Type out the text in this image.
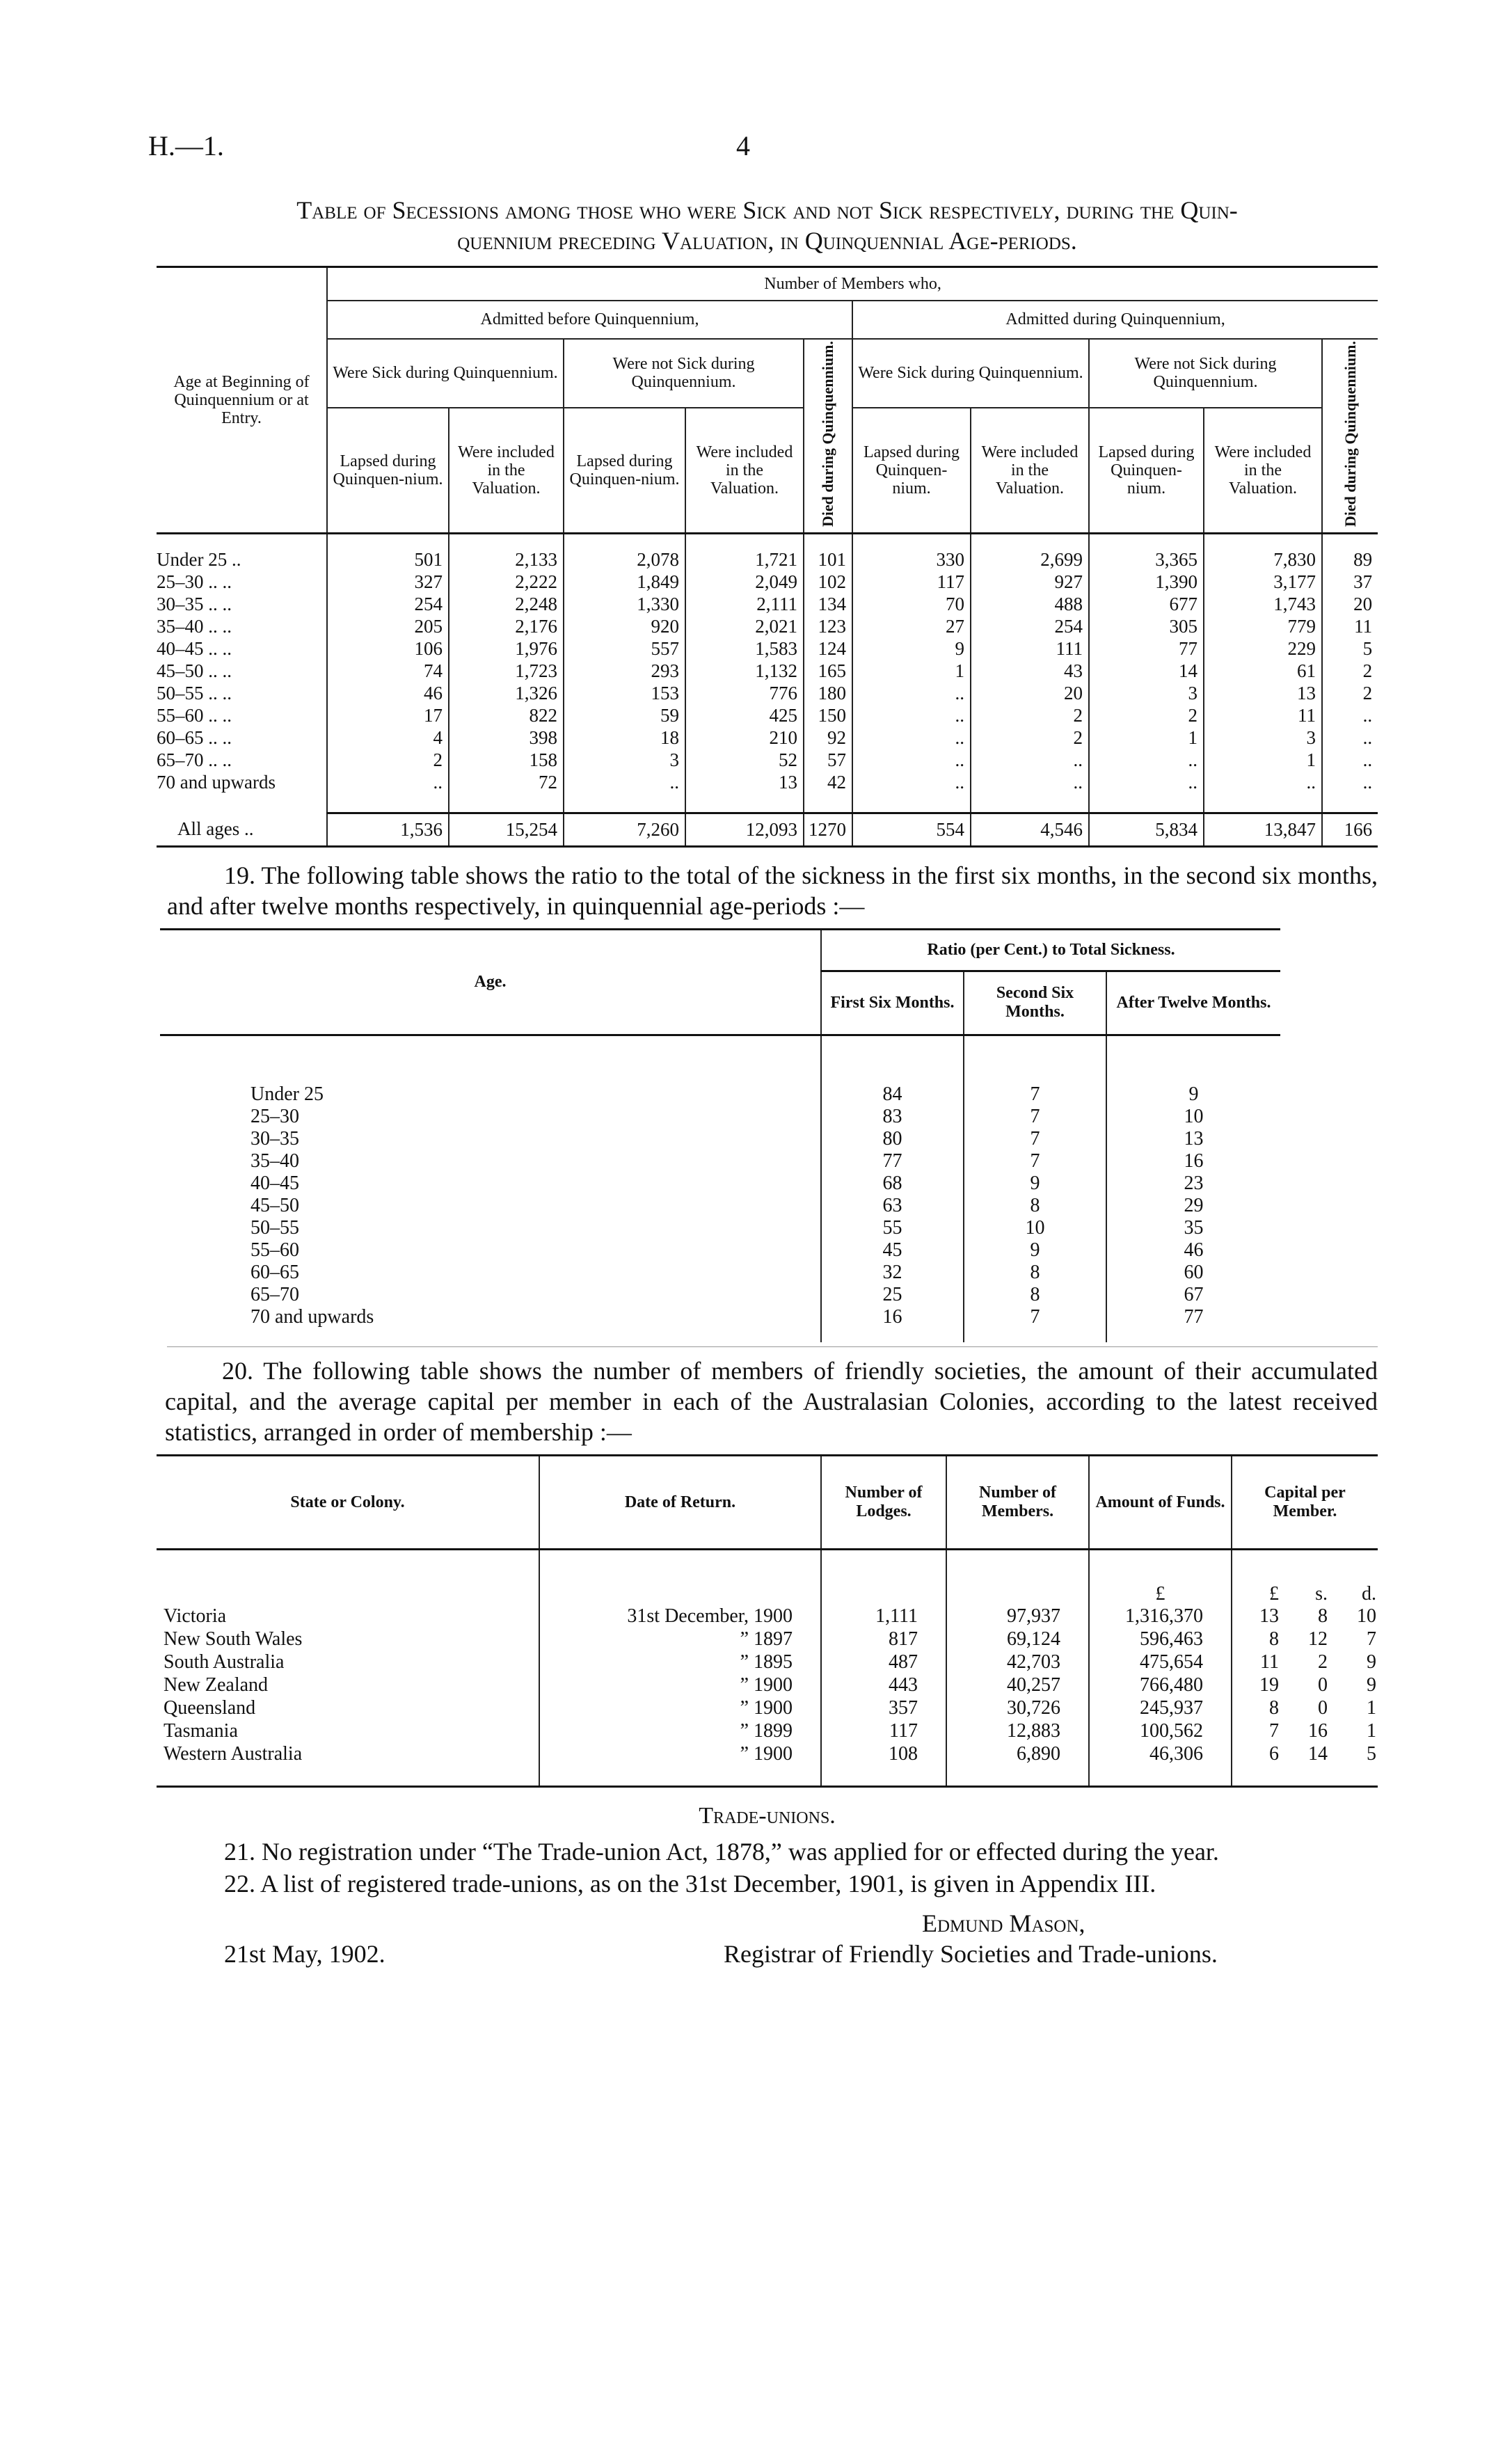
H.—1.	4
Table of Secessions among those who were Sick and not Sick respectively, during the Quin-
quennium preceding Valuation, in Quinquennial Age-periods.
Age at Beginning of Quinquennium or at Entry.	Number of Members who,									
	Admitted before Quinquennium,					Admitted during Quinquennium,				
	Were Sick during Quinquennium.		Were not Sick during Quinquennium.		Died during Quinquennium.	Were Sick during Quinquennium.		Were not Sick during Quinquennium.		Died during Quinquennium.
	Lapsed during Quinquen-nium.	Were included in the Valuation.	Lapsed during Quinquen-nium.	Were included in the Valuation.		Lapsed during Quinquen-nium.	Were included in the Valuation.	Lapsed during Quinquen-nium.	Were included in the Valuation.	

Under 25 ..	501	2,133	2,078	1,721	101	330	2,699	3,365	7,830	89
25–30 .. ..	327	2,222	1,849	2,049	102	117	927	1,390	3,177	37
30–35 .. ..	254	2,248	1,330	2,111	134	70	488	677	1,743	20
35–40 .. ..	205	2,176	920	2,021	123	27	254	305	779	11
40–45 .. ..	106	1,976	557	1,583	124	9	111	77	229	5
45–50 .. ..	74	1,723	293	1,132	165	1	43	14	61	2
50–55 .. ..	46	1,326	153	776	180	..	20	3	13	2
55–60 .. ..	17	822	59	425	150	..	2	2	11	..
60–65 .. ..	4	398	18	210	92	..	2	1	3	..
65–70 .. ..	2	158	3	52	57	..	..	..	1	..
70 and upwards	..	72	..	13	42	..	..	..	..	..

All ages ..	1,536	15,254	7,260	12,093	1270	554	4,546	5,834	13,847	166
19. The following table shows the ratio to the total of the sickness in the first six months, in the second six months, and after twelve months respectively, in quinquennial age-periods :—
Age.	Ratio (per Cent.) to Total Sickness.		
	First Six Months.	Second Six Months.	After Twelve Months.

Under 25	84	7	9
25–30	83	7	10
30–35	80	7	13
35–40	77	7	16
40–45	68	9	23
45–50	63	8	29
50–55	55	10	35
55–60	45	9	46
60–65	32	8	60
65–70	25	8	67
70 and upwards	16	7	77

20. The following table shows the number of members of friendly societies, the amount of their accumulated capital, and the average capital per member in each of the Australasian Colonies, according to the latest received statistics, arranged in order of membership :—
State or Colony.	Date of Return.	Number of Lodges.	Number of Members.	Amount of Funds.	Capital per Member.		
				£	£	s.	d.
Victoria	31st December, 1900	1,111	97,937	1,316,370	13	8	10
New South Wales	” 1897	817	69,124	596,463	8	12	7
South Australia	” 1895	487	42,703	475,654	11	2	9
New Zealand	” 1900	443	40,257	766,480	19	0	9
Queensland	” 1900	357	30,726	245,937	8	0	1
Tasmania	” 1899	117	12,883	100,562	7	16	1
Western Australia	” 1900	108	6,890	46,306	6	14	5

Trade-unions.
21. No registration under “The Trade-union Act, 1878,” was applied for or effected during the year.
22. A list of registered trade-unions, as on the 31st December, 1901, is given in Appendix III.
Edmund Mason,
21st May, 1902.	Registrar of Friendly Societies and Trade-unions.
